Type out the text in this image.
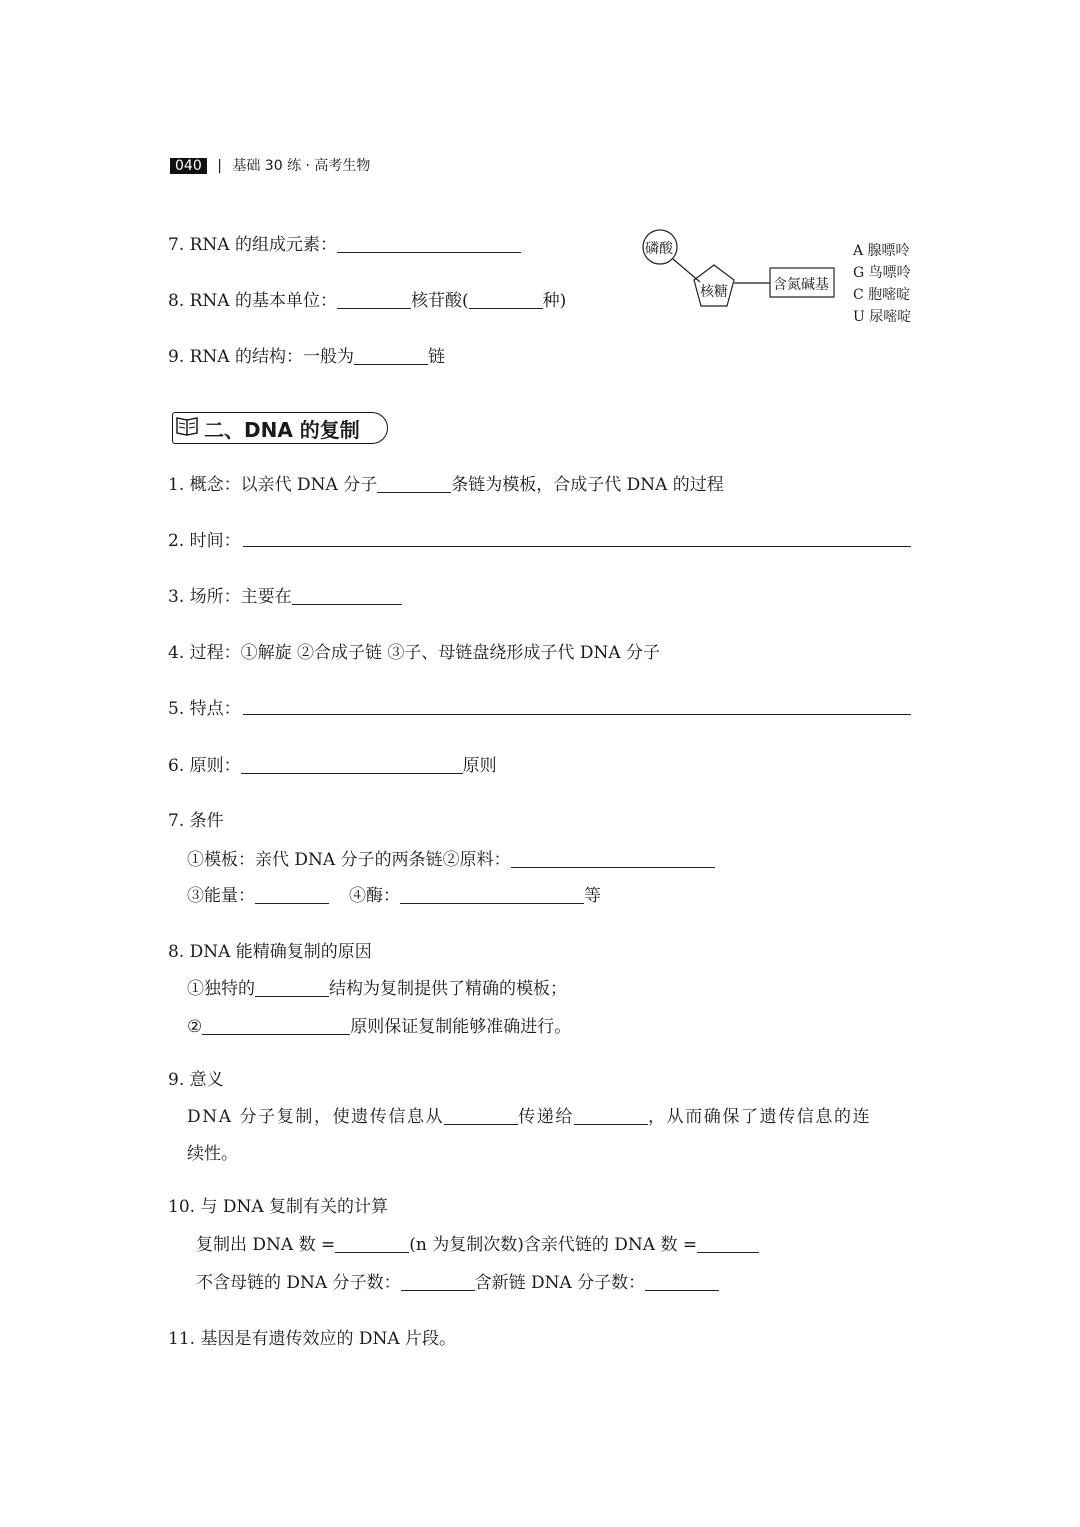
040 | 基础 30 练 · 高考生物
7. RNA 的组成元素：
8. RNA 的基本单位：	核苷酸(	种)
9. RNA 的结构：一般为	链
磷酸
核糖	含氮碱基
A 腺嘌呤
G 鸟嘌呤
C 胞嘧啶
U 尿嘧啶
二、DNA 的复制
1. 概念：以亲代 DNA 分子	条链为模板，合成子代 DNA 的过程
2. 时间：
3. 场所：主要在
4. 过程：①解旋 ②合成子链 ③子、母链盘绕形成子代 DNA 分子
5. 特点：
6. 原则：	原则
7. 条件
①模板：亲代 DNA 分子的两条链②原料：
③能量：	④酶：	等
8. DNA 能精确复制的原因
①独特的	结构为复制提供了精确的模板；
②	原则保证复制能够准确进行。
9. 意义
DNA 分子复制，使遗传信息从	传递给	，从而确保了遗传信息的连
续性。
10. 与 DNA 复制有关的计算
复制出 DNA 数 =	(n 为复制次数)含亲代链的 DNA 数 =
不含母链的 DNA 分子数：	含新链 DNA 分子数：
11. 基因是有遗传效应的 DNA 片段。
